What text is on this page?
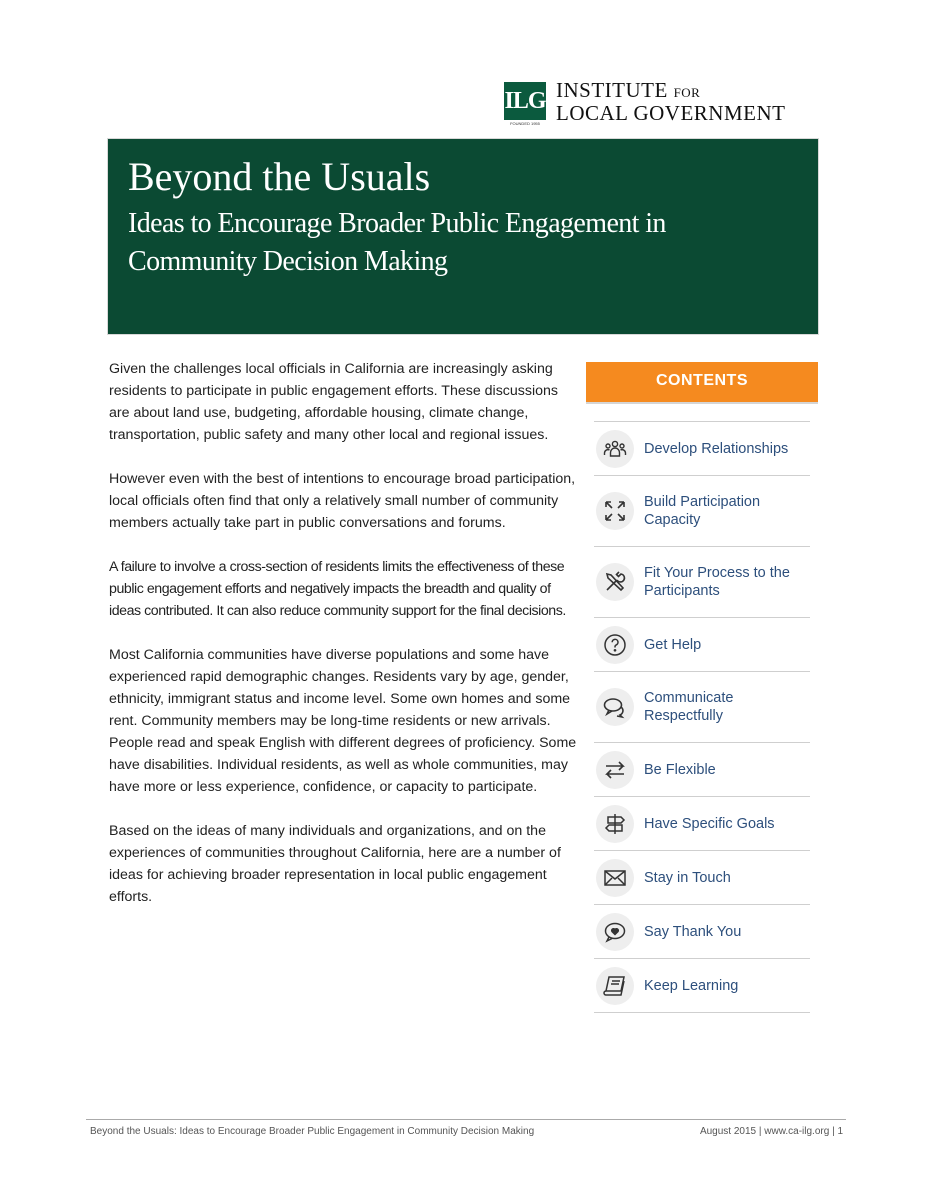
ILG
FOUNDED 1955
INSTITUTE FOR
LOCAL GOVERNMENT
Beyond the Usuals
Ideas to Encourage Broader Public Engagement in Community Decision Making

Given the challenges local officials in California are increasingly asking residents to participate in public engagement efforts. These discussions are about land use, budgeting, affordable housing, climate change, transportation, public safety and many other local and regional issues.

However even with the best of intentions to encourage broad participation, local officials often find that only a relatively small number of community members actually take part in public conversations and forums.

A failure to involve a cross-section of residents limits the effectiveness of these public engagement efforts and negatively impacts the breadth and quality of ideas contributed. It can also reduce community support for the final decisions.

Most California communities have diverse populations and some have experienced rapid demographic changes. Residents vary by age, gender, ethnicity, immigrant status and income level. Some own homes and some rent. Community members may be long-time residents or new arrivals. People read and speak English with different degrees of proficiency. Some have disabilities. Individual residents, as well as whole communities, may have more or less experience, confidence, or capacity to participate.

Based on the ideas of many individuals and organizations, and on the experiences of communities throughout California, here are a number of ideas for achieving broader representation in local public engagement efforts.

CONTENTS
Develop Relationships
Build Participation Capacity
Fit Your Process to the Participants
Get Help
Communicate Respectfully
Be Flexible
Have Specific Goals
Stay in Touch
Say Thank You
Keep Learning
Beyond the Usuals: Ideas to Encourage Broader Public Engagement in Community Decision Making	August 2015 | www.ca-ilg.org | 1
